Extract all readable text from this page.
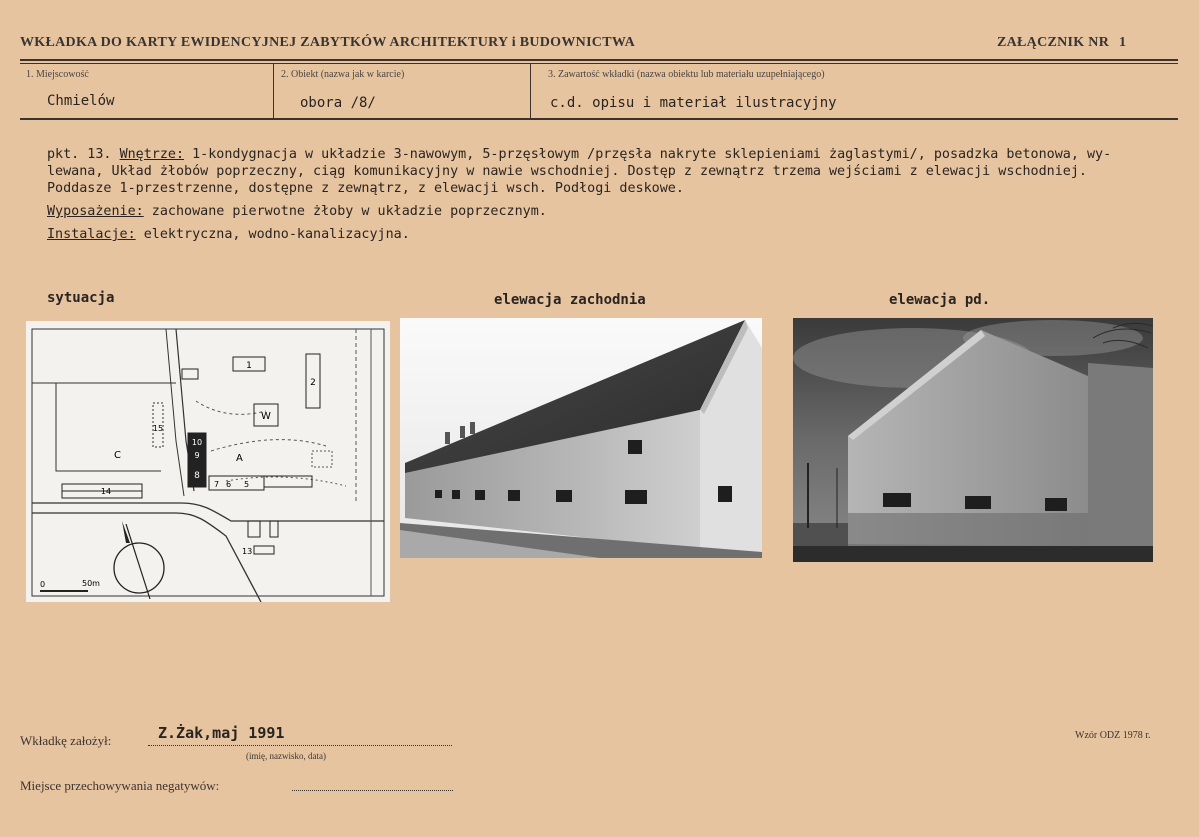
WKŁADKA DO KARTY EWIDENCYJNEJ ZABYTKÓW ARCHITEKTURY i BUDOWNICTWA	ZAŁĄCZNIK NR 1
1. Miejscowość
Chmielów
2. Obiekt (nazwa jak w karcie)
obora /8/
3. Zawartość wkładki (nazwa obiektu lub materiału uzupełniającego)
c.d. opisu i materiał ilustracyjny

pkt. 13. Wnętrze: 1-kondygnacja w układzie 3-nawowym, 5-przęsłowym /przęsła nakryte sklepieniami żaglastymi/, posadzka betonowa, wy-

lewana, Układ żłobów poprzeczny, ciąg komunikacyjny w nawie wschodniej. Dostęp z zewnątrz trzema wejściami z elewacji wschodniej.

Poddasze 1-przestrzenne, dostępne z zewnątrz, z elewacji wsch. Podłogi deskowe.

Wyposażenie: zachowane pierwotne żłoby w układzie poprzecznym.

Instalacje: elektryczna, wodno-kanalizacyjna.

sytuacja	elewacja zachodnia	elewacja pd.
1
2
W
15
10
9
8
7 6 5
A
14
C
13
0	50m
Wkładkę założył:	Z.Żak,maj 1991
(imię, nazwisko, data)
Miejsce przechowywania negatywów:
Wzór ODZ 1978 r.
